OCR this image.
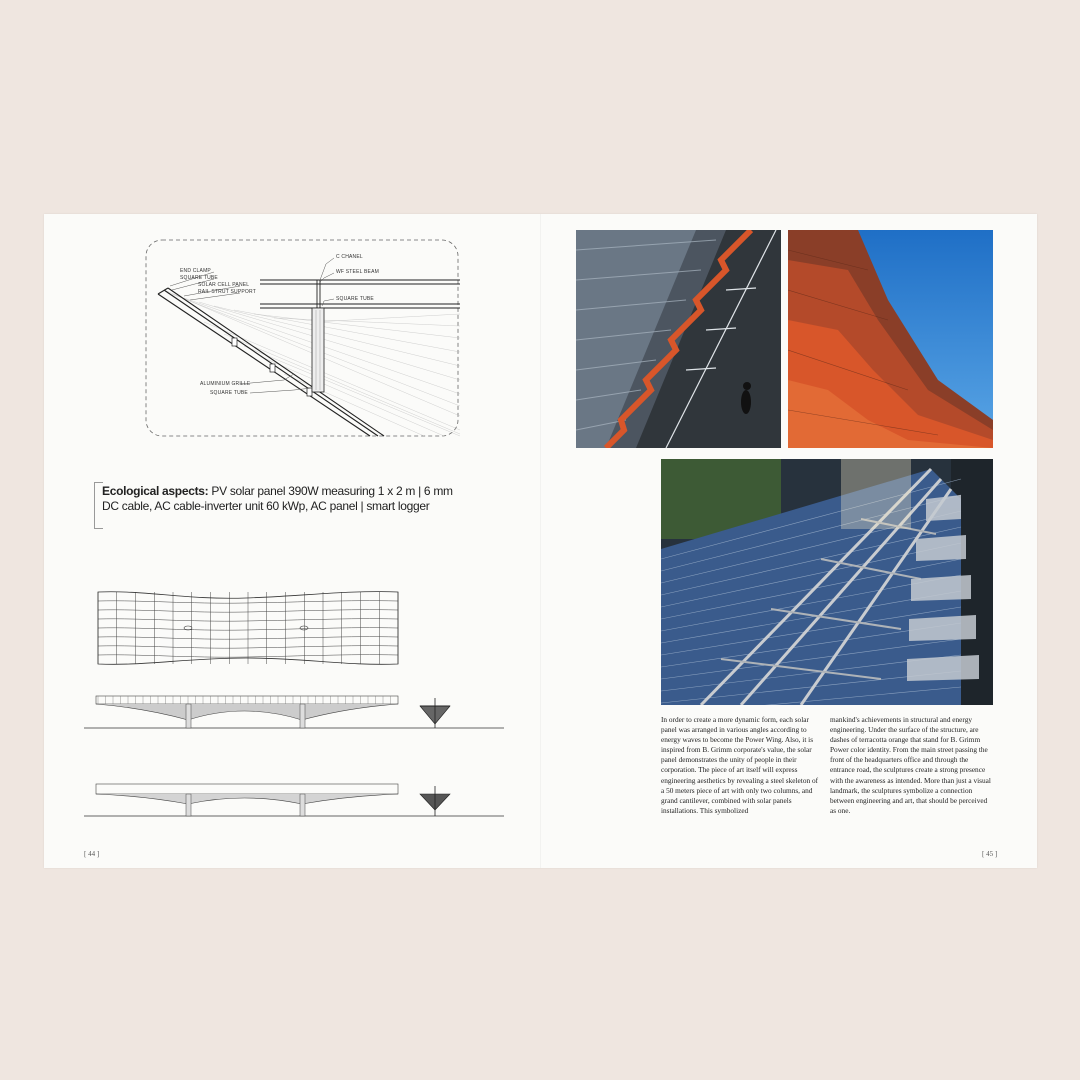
END CLAMP
SQUARE TUBE
SOLAR CELL PANEL
RAIL STRUT SUPPORT
C CHANEL
WF STEEL BEAM
SQUARE TUBE
ALUMINIUM GRILLE
SQUARE TUBE
Ecological aspects: PV solar panel 390W measuring 1 x 2 m | 6 mm DC cable, AC cable-inverter unit 60 kWp, AC panel | smart logger
In order to create a more dynamic form, each solar panel was arranged in various angles according to energy waves to become the Power Wing. Also, it is inspired from B. Grimm corporate's value, the solar panel demonstrates the unity of people in their corporation. The piece of art itself will express engineering aesthetics by revealing a steel skeleton of a 50 meters piece of art with only two columns, and grand cantilever, combined with solar panels installations. This symbolized
mankind's achievements in structural and energy engineering. Under the surface of the structure, are dashes of terracotta orange that stand for B. Grimm Power color identity. From the main street passing the front of the headquarters office and through the entrance road, the sculptures create a strong presence with the awareness as intended. More than just a visual landmark, the sculptures symbolize a connection between engineering and art, that should be perceived as one.
[ 44 ]	[ 45 ]
